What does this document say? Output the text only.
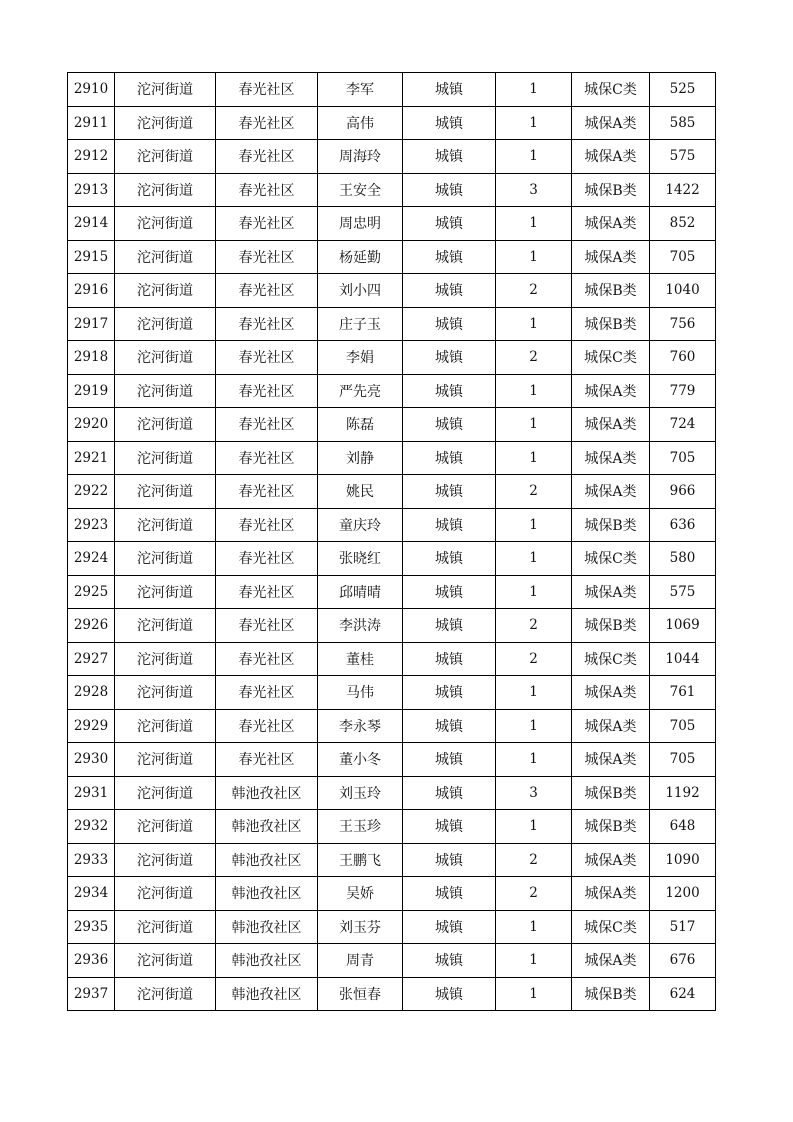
2910	沱河街道	春光社区	李军	城镇	1	城保C类	525
2911	沱河街道	春光社区	高伟	城镇	1	城保A类	585
2912	沱河街道	春光社区	周海玲	城镇	1	城保A类	575
2913	沱河街道	春光社区	王安全	城镇	3	城保B类	1422
2914	沱河街道	春光社区	周忠明	城镇	1	城保A类	852
2915	沱河街道	春光社区	杨延勤	城镇	1	城保A类	705
2916	沱河街道	春光社区	刘小四	城镇	2	城保B类	1040
2917	沱河街道	春光社区	庄子玉	城镇	1	城保B类	756
2918	沱河街道	春光社区	李娟	城镇	2	城保C类	760
2919	沱河街道	春光社区	严先亮	城镇	1	城保A类	779
2920	沱河街道	春光社区	陈磊	城镇	1	城保A类	724
2921	沱河街道	春光社区	刘静	城镇	1	城保A类	705
2922	沱河街道	春光社区	姚民	城镇	2	城保A类	966
2923	沱河街道	春光社区	童庆玲	城镇	1	城保B类	636
2924	沱河街道	春光社区	张晓红	城镇	1	城保C类	580
2925	沱河街道	春光社区	邱晴晴	城镇	1	城保A类	575
2926	沱河街道	春光社区	李洪涛	城镇	2	城保B类	1069
2927	沱河街道	春光社区	董桂	城镇	2	城保C类	1044
2928	沱河街道	春光社区	马伟	城镇	1	城保A类	761
2929	沱河街道	春光社区	李永琴	城镇	1	城保A类	705
2930	沱河街道	春光社区	董小冬	城镇	1	城保A类	705
2931	沱河街道	韩池孜社区	刘玉玲	城镇	3	城保B类	1192
2932	沱河街道	韩池孜社区	王玉珍	城镇	1	城保B类	648
2933	沱河街道	韩池孜社区	王鹏飞	城镇	2	城保A类	1090
2934	沱河街道	韩池孜社区	吴娇	城镇	2	城保A类	1200
2935	沱河街道	韩池孜社区	刘玉芬	城镇	1	城保C类	517
2936	沱河街道	韩池孜社区	周青	城镇	1	城保A类	676
2937	沱河街道	韩池孜社区	张恒春	城镇	1	城保B类	624
